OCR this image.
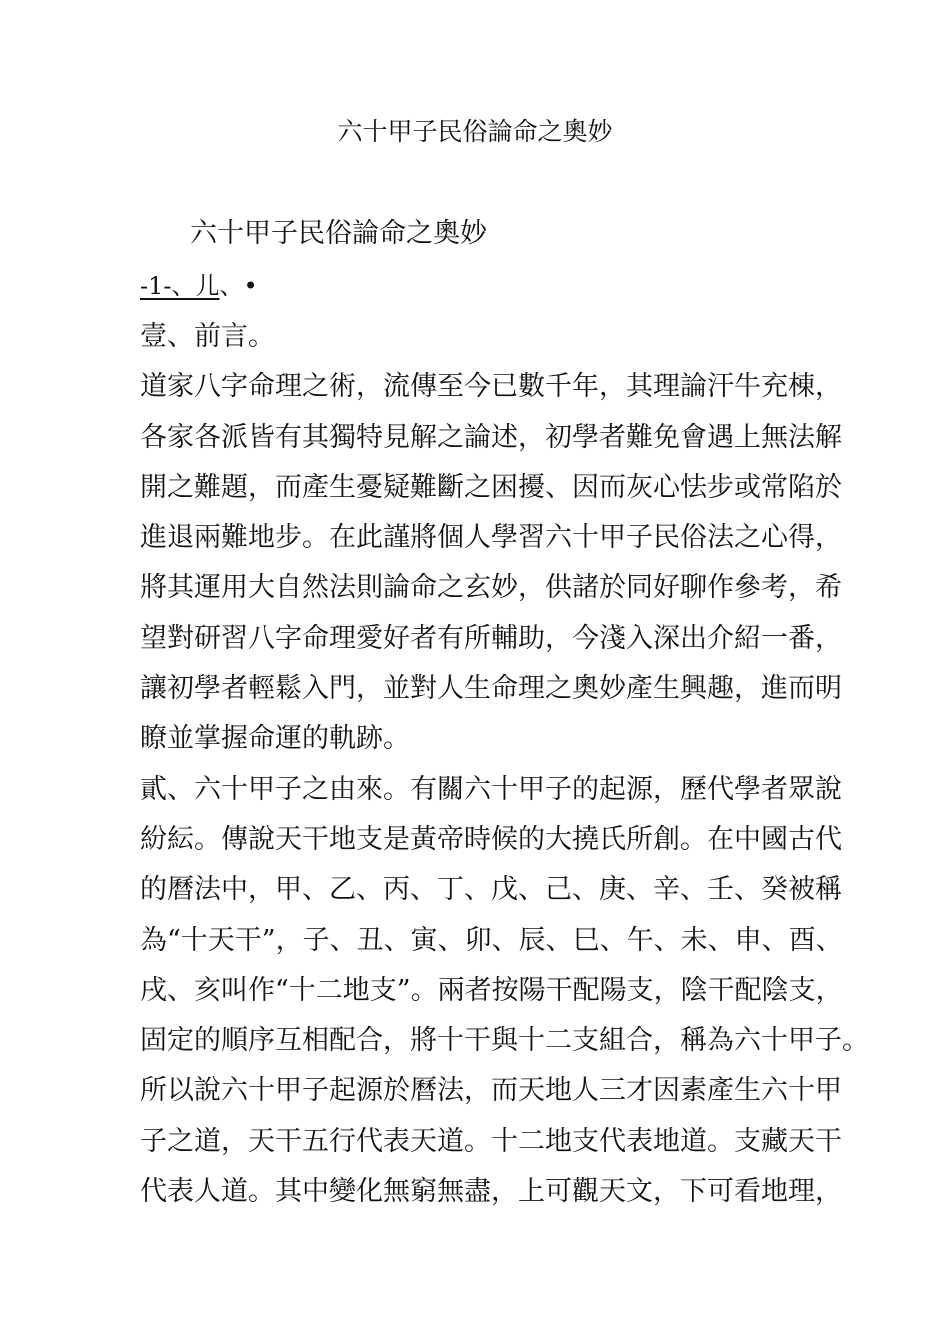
六十甲子民俗論命之奧妙
六十甲子民俗論命之奧妙
-1-、儿、•
壹、前言。
道家八字命理之術，流傳至今已數千年，其理論汗牛充棟，
各家各派皆有其獨特見解之論述，初學者難免會遇上無法解
開之難題，而產生憂疑難斷之困擾、因而灰心怯步或常陷於
進退兩難地步。在此謹將個人學習六十甲子民俗法之心得，
將其運用大自然法則論命之玄妙，供諸於同好聊作參考，希
望對研習八字命理愛好者有所輔助，今淺入深出介紹一番，
讓初學者輕鬆入門，並對人生命理之奧妙產生興趣，進而明
瞭並掌握命運的軌跡。
貳、六十甲子之由來。有關六十甲子的起源，歷代學者眾說
紛紜。傳說天干地支是黃帝時候的大撓氏所創。在中國古代
的曆法中，甲、乙、丙、丁、戊、己、庚、辛、壬、癸被稱
為“十天干”，子、丑、寅、卯、辰、巳、午、未、申、酉、
戌、亥叫作“十二地支”。兩者按陽干配陽支，陰干配陰支，
固定的順序互相配合，將十干與十二支組合，稱為六十甲子。
所以說六十甲子起源於曆法，而天地人三才因素產生六十甲
子之道，天干五行代表天道。十二地支代表地道。支藏天干
代表人道。其中變化無窮無盡，上可觀天文，下可看地理，
